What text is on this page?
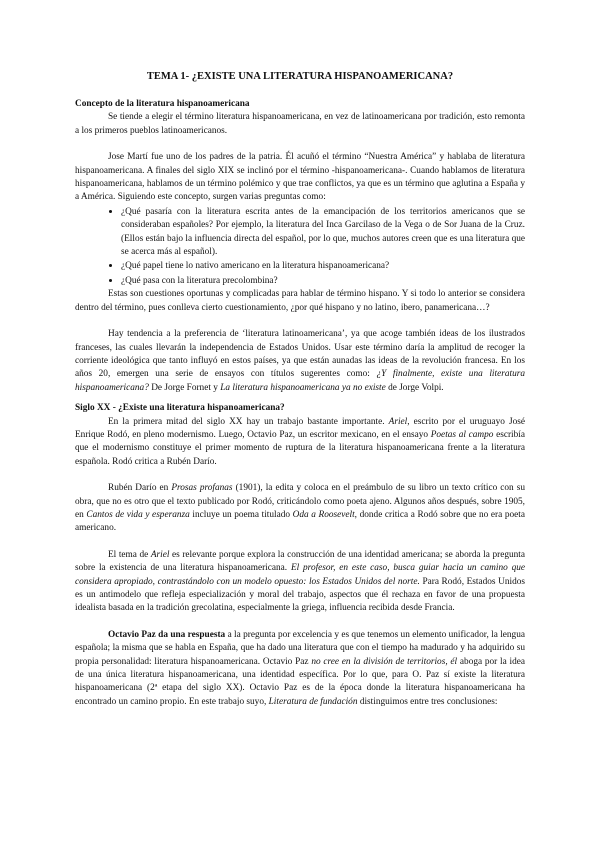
TEMA 1- ¿EXISTE UNA LITERATURA HISPANOAMERICANA?
Concepto de la literatura hispanoamericana

Se tiende a elegir el término literatura hispanoamericana, en vez de latinoamericana por tradición, esto remonta a los primeros pueblos latinoamericanos.

Jose Martí fue uno de los padres de la patria. Él acuñó el término “Nuestra América” y hablaba de literatura hispanoamericana. A finales del siglo XIX se inclinó por el término -hispanoamericana-. Cuando hablamos de literatura hispanoamericana, hablamos de un término polémico y que trae conflictos, ya que es un término que aglutina a España y a América. Siguiendo este concepto, surgen varias preguntas como:

• ¿Qué pasaría con la literatura escrita antes de la emancipación de los territorios americanos que se consideraban españoles? Por ejemplo, la literatura del Inca Garcilaso de la Vega o de Sor Juana de la Cruz. (Ellos están bajo la influencia directa del español, por lo que, muchos autores creen que es una literatura que se acerca más al español).
• ¿Qué papel tiene lo nativo americano en la literatura hispanoamericana?
• ¿Qué pasa con la literatura precolombina?

Estas son cuestiones oportunas y complicadas para hablar de término hispano. Y si todo lo anterior se considera dentro del término, pues conlleva cierto cuestionamiento, ¿por qué hispano y no latino, ibero, panamericana…?

Hay tendencia a la preferencia de ‘literatura latinoamericana’, ya que acoge también ideas de los ilustrados franceses, las cuales llevarán la independencia de Estados Unidos. Usar este término daría la amplitud de recoger la corriente ideológica que tanto influyó en estos países, ya que están aunadas las ideas de la revolución francesa. En los años 20, emergen una serie de ensayos con títulos sugerentes como: ¿Y finalmente, existe una literatura hispanoamericana? De Jorge Fornet y La literatura hispanoamericana ya no existe de Jorge Volpi.

Siglo XX - ¿Existe una literatura hispanoamericana?

En la primera mitad del siglo XX hay un trabajo bastante importante. Ariel, escrito por el uruguayo José Enrique Rodó, en pleno modernismo. Luego, Octavio Paz, un escritor mexicano, en el ensayo Poetas al campo escribía que el modernismo constituye el primer momento de ruptura de la literatura hispanoamericana frente a la literatura española. Rodó critica a Rubén Darío.

Rubén Darío en Prosas profanas (1901), la edita y coloca en el preámbulo de su libro un texto crítico con su obra, que no es otro que el texto publicado por Rodó, criticándolo como poeta ajeno. Algunos años después, sobre 1905, en Cantos de vida y esperanza incluye un poema titulado Oda a Roosevelt, donde critica a Rodó sobre que no era poeta americano.

El tema de Ariel es relevante porque explora la construcción de una identidad americana; se aborda la pregunta sobre la existencia de una literatura hispanoamericana. El profesor, en este caso, busca guiar hacia un camino que considera apropiado, contrastándolo con un modelo opuesto: los Estados Unidos del norte. Para Rodó, Estados Unidos es un antimodelo que refleja especialización y moral del trabajo, aspectos que él rechaza en favor de una propuesta idealista basada en la tradición grecolatina, especialmente la griega, influencia recibida desde Francia.

Octavio Paz da una respuesta a la pregunta por excelencia y es que tenemos un elemento unificador, la lengua española; la misma que se habla en España, que ha dado una literatura que con el tiempo ha madurado y ha adquirido su propia personalidad: literatura hispanoamericana. Octavio Paz no cree en la división de territorios, él aboga por la idea de una única literatura hispanoamericana, una identidad específica. Por lo que, para O. Paz sí existe la literatura hispanoamericana (2ª etapa del siglo XX). Octavio Paz es de la época donde la literatura hispanoamericana ha encontrado un camino propio. En este trabajo suyo, Literatura de fundación distinguimos entre tres conclusiones:
